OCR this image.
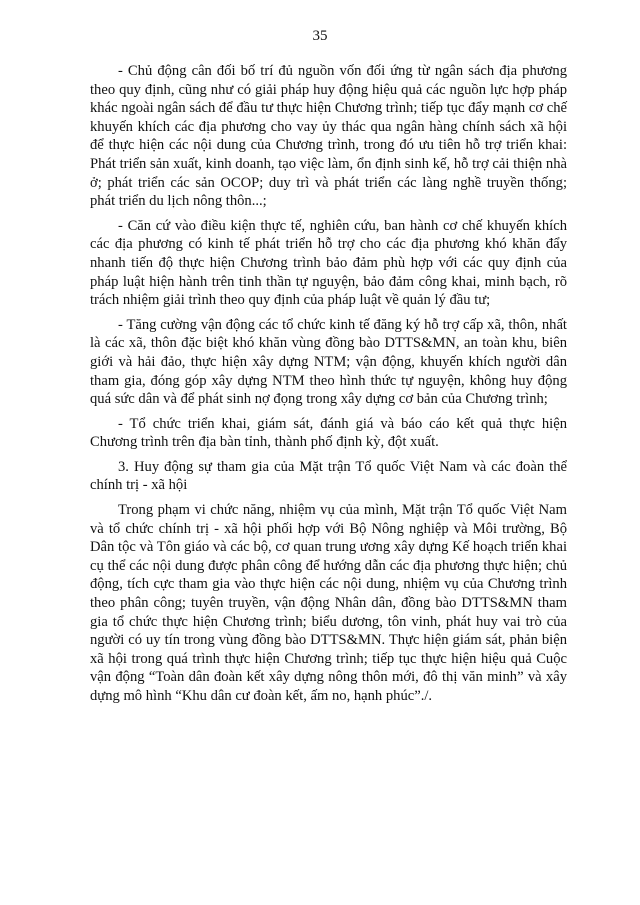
35

- Chủ động cân đối bố trí đủ nguồn vốn đối ứng từ ngân sách địa phương theo quy định, cũng như có giải pháp huy động hiệu quả các nguồn lực hợp pháp khác ngoài ngân sách để đầu tư thực hiện Chương trình; tiếp tục đẩy mạnh cơ chế khuyến khích các địa phương cho vay ủy thác qua ngân hàng chính sách xã hội để thực hiện các nội dung của Chương trình, trong đó ưu tiên hỗ trợ triển khai: Phát triển sản xuất, kinh doanh, tạo việc làm, ổn định sinh kế, hỗ trợ cải thiện nhà ở; phát triển các sản OCOP; duy trì và phát triển các làng nghề truyền thống; phát triển du lịch nông thôn...;

- Căn cứ vào điều kiện thực tế, nghiên cứu, ban hành cơ chế khuyến khích các địa phương có kinh tế phát triển hỗ trợ cho các địa phương khó khăn đẩy nhanh tiến độ thực hiện Chương trình bảo đảm phù hợp với các quy định của pháp luật hiện hành trên tinh thần tự nguyện, bảo đảm công khai, minh bạch, rõ trách nhiệm giải trình theo quy định của pháp luật về quản lý đầu tư;

- Tăng cường vận động các tổ chức kinh tế đăng ký hỗ trợ cấp xã, thôn, nhất là các xã, thôn đặc biệt khó khăn vùng đồng bào DTTS&MN, an toàn khu, biên giới và hải đảo, thực hiện xây dựng NTM; vận động, khuyến khích người dân tham gia, đóng góp xây dựng NTM theo hình thức tự nguyện, không huy động quá sức dân và để phát sinh nợ đọng trong xây dựng cơ bản của Chương trình;

- Tổ chức triển khai, giám sát, đánh giá và báo cáo kết quả thực hiện Chương trình trên địa bàn tỉnh, thành phố định kỳ, đột xuất.

3. Huy động sự tham gia của Mặt trận Tổ quốc Việt Nam và các đoàn thể chính trị - xã hội

Trong phạm vi chức năng, nhiệm vụ của mình, Mặt trận Tổ quốc Việt Nam và tổ chức chính trị - xã hội phối hợp với Bộ Nông nghiệp và Môi trường, Bộ Dân tộc và Tôn giáo và các bộ, cơ quan trung ương xây dựng Kế hoạch triển khai cụ thể các nội dung được phân công để hướng dẫn các địa phương thực hiện; chủ động, tích cực tham gia vào thực hiện các nội dung, nhiệm vụ của Chương trình theo phân công; tuyên truyền, vận động Nhân dân, đồng bào DTTS&MN tham gia tổ chức thực hiện Chương trình; biểu dương, tôn vinh, phát huy vai trò của người có uy tín trong vùng đồng bào DTTS&MN. Thực hiện giám sát, phản biện xã hội trong quá trình thực hiện Chương trình; tiếp tục thực hiện hiệu quả Cuộc vận động “Toàn dân đoàn kết xây dựng nông thôn mới, đô thị văn minh” và xây dựng mô hình “Khu dân cư đoàn kết, ấm no, hạnh phúc”./.
